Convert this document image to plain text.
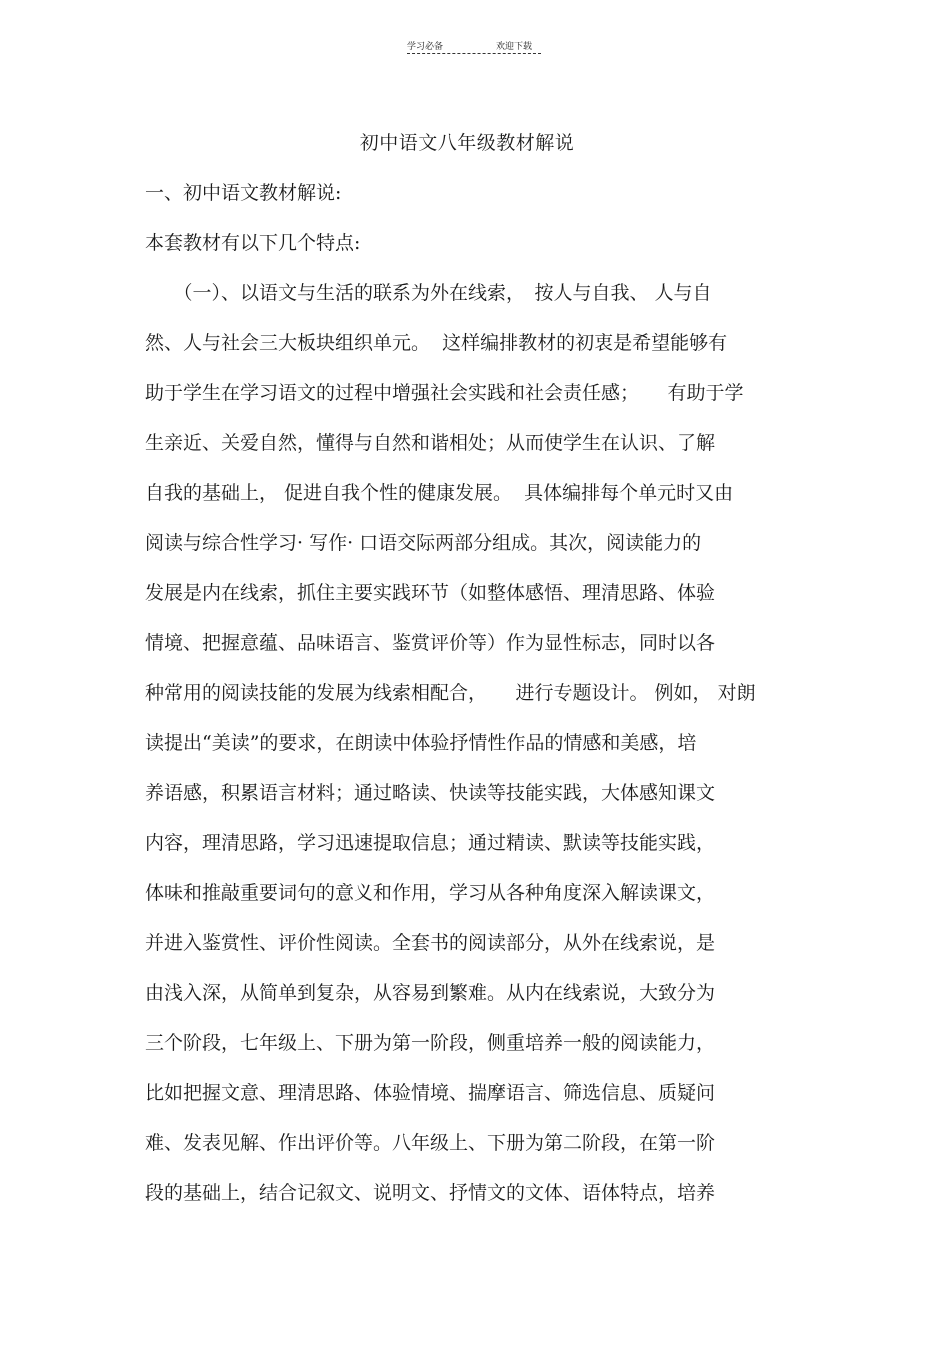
学习必备	欢迎下载
初中语文八年级教材解说
一、初中语文教材解说:
本套教材有以下几个特点:
　　（一）、以语文与生活的联系为外在线索，　按人与自我、 人与自
然、人与社会三大板块组织单元。  这样编排教材的初衷是希望能够有
助于学生在学习语文的过程中增强社会实践和社会责任感；　　有助于学
生亲近、关爱自然，懂得与自然和谐相处；从而使学生在认识、了解
自我的基础上， 促进自我个性的健康发展。  具体编排每个单元时又由
阅读与综合性学习· 写作· 口语交际两部分组成。其次，阅读能力的
发展是内在线索，抓住主要实践环节（如整体感悟、理清思路、体验
情境、把握意蕴、品味语言、鉴赏评价等）作为显性标志，同时以各
种常用的阅读技能的发展为线索相配合，　　进行专题设计。 例如， 对朗
读提出“美读”的要求，在朗读中体验抒情性作品的情感和美感，培
养语感，积累语言材料；通过略读、快读等技能实践，大体感知课文
内容，理清思路，学习迅速提取信息；通过精读、默读等技能实践，
体味和推敲重要词句的意义和作用，学习从各种角度深入解读课文，
并进入鉴赏性、评价性阅读。全套书的阅读部分，从外在线索说，是
由浅入深，从简单到复杂，从容易到繁难。从内在线索说，大致分为
三个阶段，七年级上、下册为第一阶段，侧重培养一般的阅读能力，
比如把握文意、理清思路、体验情境、揣摩语言、筛选信息、质疑问
难、发表见解、作出评价等。八年级上、下册为第二阶段，在第一阶
段的基础上，结合记叙文、说明文、抒情文的文体、语体特点，培养
